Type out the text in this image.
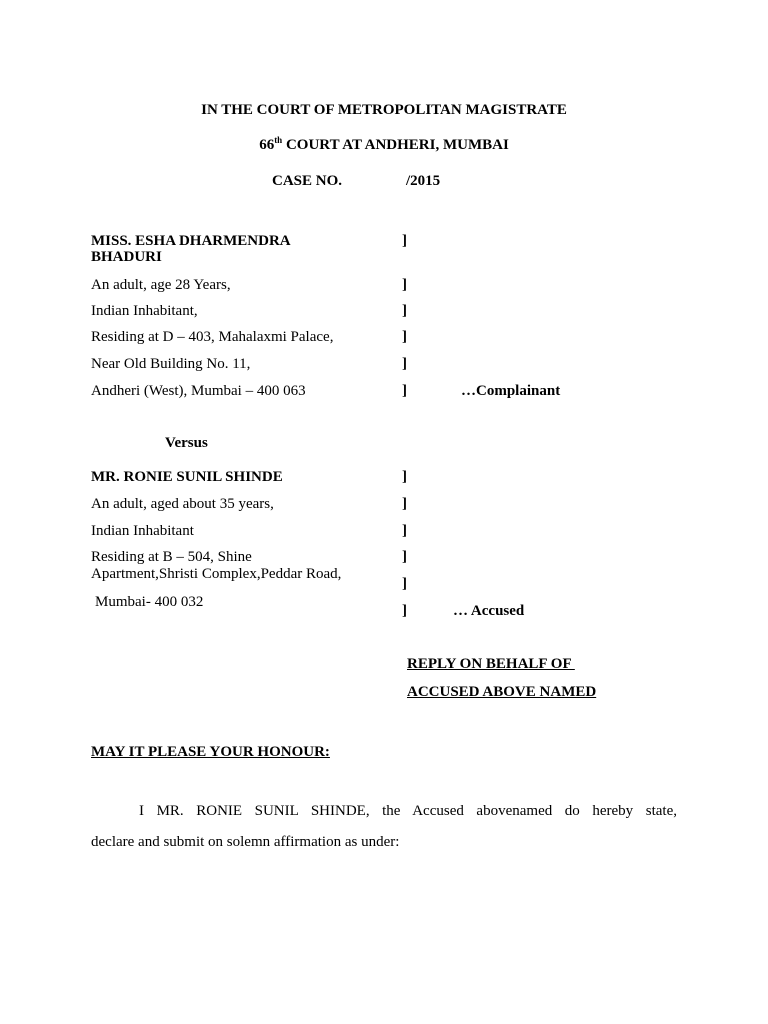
IN THE COURT OF METROPOLITAN MAGISTRATE
66th COURT AT ANDHERI, MUMBAI
CASE NO.	/2015
MISS. ESHA DHARMENDRA
BHADURI
An adult, age 28 Years,
Indian Inhabitant,
Residing at D – 403, Mahalaxmi Palace,
Near Old Building No. 11,
Andheri (West), Mumbai – 400 063
]
]
]
]
]
]	…Complainant
Versus
MR. RONIE SUNIL SHINDE
An adult, aged about 35 years,
Indian Inhabitant
Residing at B – 504, Shine
Apartment,Shristi Complex,Peddar Road,
Mumbai- 400 032
]
]
]
]
]
]	… Accused
REPLY ON BEHALF OF
ACCUSED ABOVE NAMED
MAY IT PLEASE YOUR HONOUR:
I MR. RONIE SUNIL SHINDE, the Accused abovenamed do hereby state,
declare and submit on solemn affirmation as under:
